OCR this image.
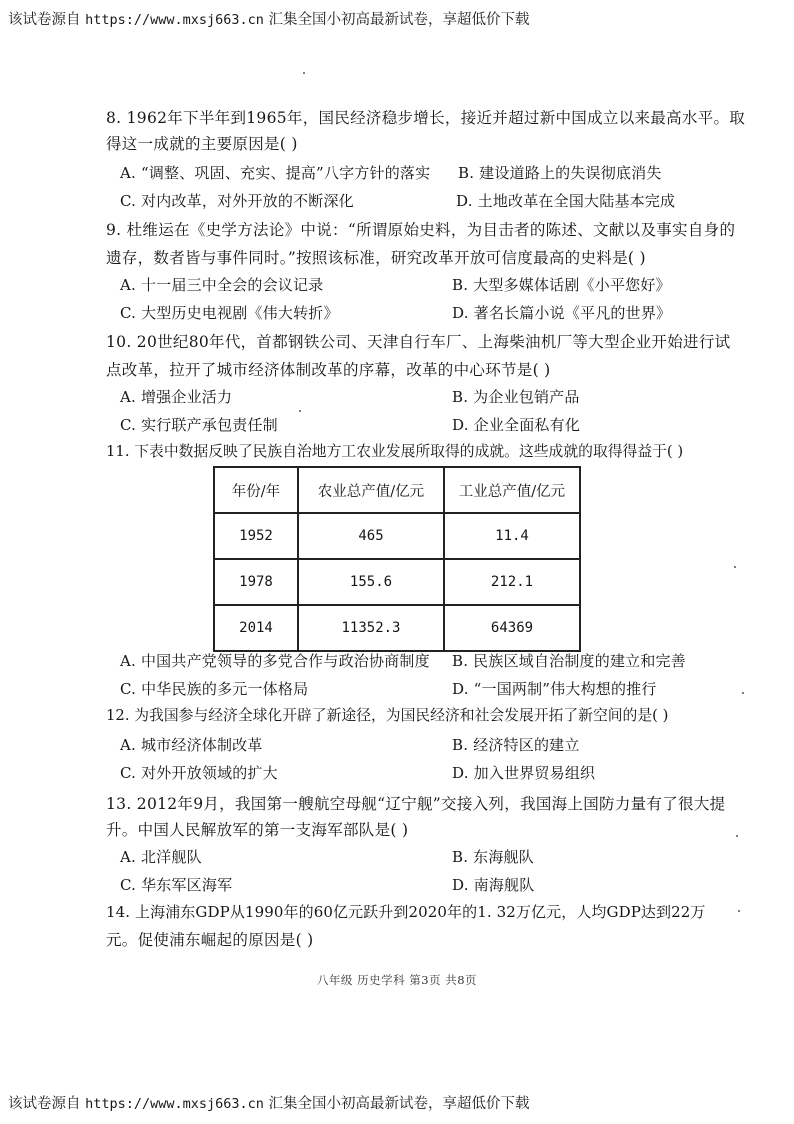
该试卷源自 https://www.mxsj663.cn 汇集全国小初高最新试卷，享超低价下载
8. 1962年下半年到1965年，国民经济稳步增长，接近并超过新中国成立以来最高水平。取
得这一成就的主要原因是( )
A. “调整、巩固、充实、提高”八字方针的落实 B. 建设道路上的失误彻底消失
C. 对内改革，对外开放的不断深化	D. 土地改革在全国大陆基本完成
9. 杜维运在《史学方法论》中说：“所谓原始史料，为目击者的陈述、文献以及事实自身的
遗存，数者皆与事件同时。”按照该标准，研究改革开放可信度最高的史料是( )
A. 十一届三中全会的会议记录	B. 大型多媒体话剧《小平您好》
C. 大型历史电视剧《伟大转折》	D. 著名长篇小说《平凡的世界》
10. 20世纪80年代，首都钢铁公司、天津自行车厂、上海柴油机厂等大型企业开始进行试
点改革，拉开了城市经济体制改革的序幕，改革的中心环节是( )
A. 增强企业活力	B. 为企业包销产品
C. 实行联产承包责任制	D. 企业全面私有化
11. 下表中数据反映了民族自治地方工农业发展所取得的成就。这些成就的取得得益于( )
年份/年	农业总产值/亿元	工业总产值/亿元
1952	465	11.4
1978	155.6	212.1
2014	11352.3	64369
A. 中国共产党领导的多党合作与政治协商制度 B. 民族区域自治制度的建立和完善
C. 中华民族的多元一体格局	D. “一国两制”伟大构想的推行
12. 为我国参与经济全球化开辟了新途径，为国民经济和社会发展开拓了新空间的是( )
A. 城市经济体制改革	B. 经济特区的建立
C. 对外开放领域的扩大	D. 加入世界贸易组织
13. 2012年9月，我国第一艘航空母舰“辽宁舰”交接入列，我国海上国防力量有了很大提
升。中国人民解放军的第一支海军部队是( )
A. 北洋舰队	B. 东海舰队
C. 华东军区海军	D. 南海舰队
14. 上海浦东GDP从1990年的60亿元跃升到2020年的1. 32万亿元，人均GDP达到22万
元。促使浦东崛起的原因是( )
八年级 历史学科 第3页 共8页
该试卷源自 https://www.mxsj663.cn 汇集全国小初高最新试卷，享超低价下载
